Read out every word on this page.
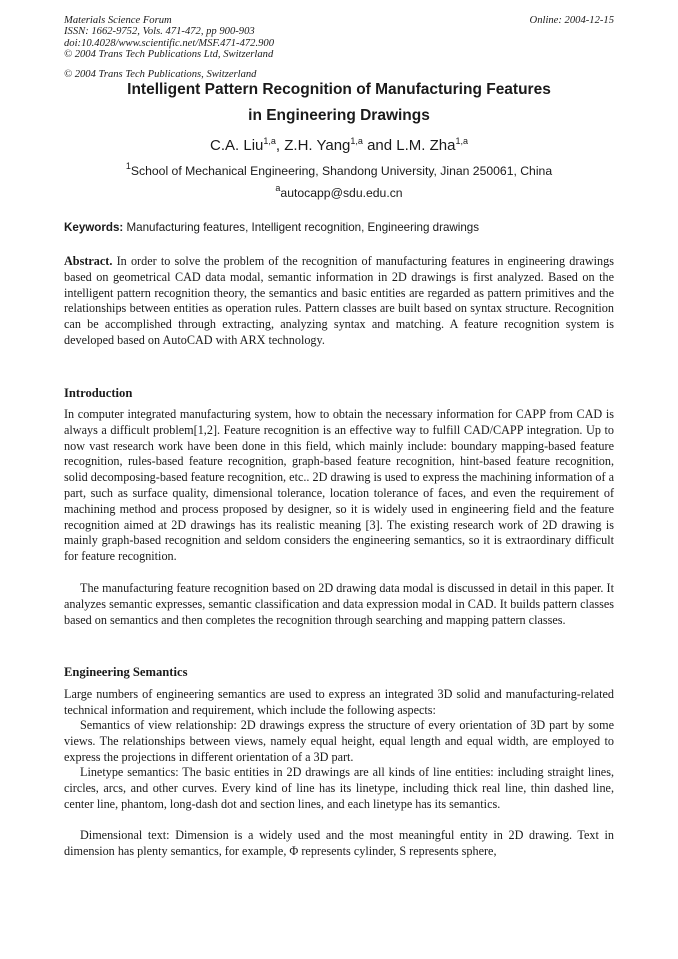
Materials Science Forum
ISSN: 1662-9752, Vols. 471-472, pp 900-903
doi:10.4028/www.scientific.net/MSF.471-472.900
© 2004 Trans Tech Publications Ltd, Switzerland
Online: 2004-12-15
© 2004 Trans Tech Publications, Switzerland
Intelligent Pattern Recognition of Manufacturing Features
in Engineering Drawings
C.A. Liu$^{1,a}$, Z.H. Yang$^{1,a}$ and L.M. Zha$^{1,a}$
$^1$School of Mechanical Engineering, Shandong University, Jinan 250061, China
$^a$autocapp@sdu.edu.cn
Keywords: Manufacturing features, Intelligent recognition, Engineering drawings

Abstract. In order to solve the problem of the recognition of manufacturing features in engineering drawings based on geometrical CAD data modal, semantic information in 2D drawings is first analyzed. Based on the intelligent pattern recognition theory, the semantics and basic entities are regarded as pattern primitives and the relationships between entities as operation rules. Pattern classes are built based on syntax structure. Recognition can be accomplished through extracting, analyzing syntax and matching. A feature recognition system is developed based on AutoCAD with ARX technology.

Introduction

In computer integrated manufacturing system, how to obtain the necessary information for CAPP from CAD is always a difficult problem[1,2]. Feature recognition is an effective way to fulfill CAD/CAPP integration. Up to now vast research work have been done in this field, which mainly include: boundary mapping-based feature recognition, rules-based feature recognition, graph-based feature recognition, hint-based feature recognition, solid decomposing-based feature recognition, etc.. 2D drawing is used to express the machining information of a part, such as surface quality, dimensional tolerance, location tolerance of faces, and even the requirement of machining method and process proposed by designer, so it is widely used in engineering field and the feature recognition aimed at 2D drawings has its realistic meaning [3]. The existing research work of 2D drawing is mainly graph-based recognition and seldom considers the engineering semantics, so it is extraordinary difficult for feature recognition.

The manufacturing feature recognition based on 2D drawing data modal is discussed in detail in this paper. It analyzes semantic expresses, semantic classification and data expression modal in CAD. It builds pattern classes based on semantics and then completes the recognition through searching and mapping pattern classes.

Engineering Semantics

Large numbers of engineering semantics are used to express an integrated 3D solid and manufacturing-related technical information and requirement, which include the following aspects:

Semantics of view relationship: 2D drawings express the structure of every orientation of 3D part by some views. The relationships between views, namely equal height, equal length and equal width, are employed to express the projections in different orientation of a 3D part.

Linetype semantics: The basic entities in 2D drawings are all kinds of line entities: including straight lines, circles, arcs, and other curves. Every kind of line has its linetype, including thick real line, thin dashed line, center line, phantom, long-dash dot and section lines, and each linetype has its semantics.

Dimensional text: Dimension is a widely used and the most meaningful entity in 2D drawing. Text in dimension has plenty semantics, for example, Φ represents cylinder, S represents sphere,
